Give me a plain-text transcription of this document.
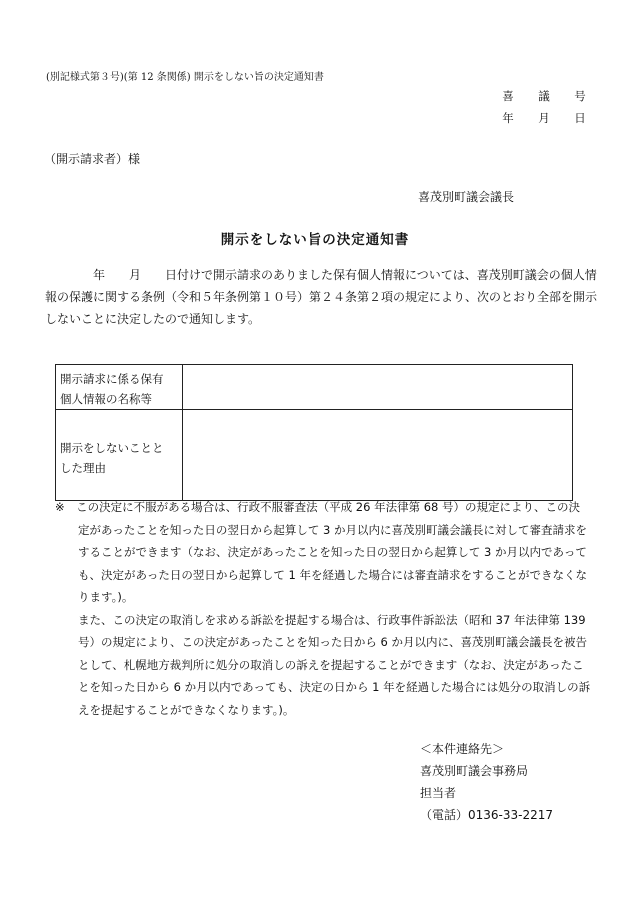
(別記様式第３号)(第 12 条関係) 開示をしない旨の決定通知書
喜	議	号
年	月	日
（開示請求者）様
喜茂別町議会議長
開示をしない旨の決定通知書
　　　　年　　月　　日付けで開示請求のありました保有個人情報については、喜茂別町議会の個人情
報の保護に関する条例（令和５年条例第１０号）第２４条第２項の規定により、次のとおり全部を開示
しないことに決定したので通知します。
開示請求に係る保有
個人情報の名称等	

開示をしないことと
した理由	

※　この決定に不服がある場合は、行政不服審査法（平成 26 年法律第 68 号）の規定により、この決
　　定があったことを知った日の翌日から起算して 3 か月以内に喜茂別町議会議長に対して審査請求を
　　することができます（なお、決定があったことを知った日の翌日から起算して 3 か月以内であって
　　も、決定があった日の翌日から起算して 1 年を経過した場合には審査請求をすることができなくな
　　ります。)。
　　また、この決定の取消しを求める訴訟を提起する場合は、行政事件訴訟法（昭和 37 年法律第 139
　　号）の規定により、この決定があったことを知った日から 6 か月以内に、喜茂別町議会議長を被告
　　として、札幌地方裁判所に処分の取消しの訴えを提起することができます（なお、決定があったこ
　　とを知った日から 6 か月以内であっても、決定の日から 1 年を経過した場合には処分の取消しの訴
　　えを提起することができなくなります。)。
＜本件連絡先＞
喜茂別町議会事務局
担当者
（電話）0136-33-2217
